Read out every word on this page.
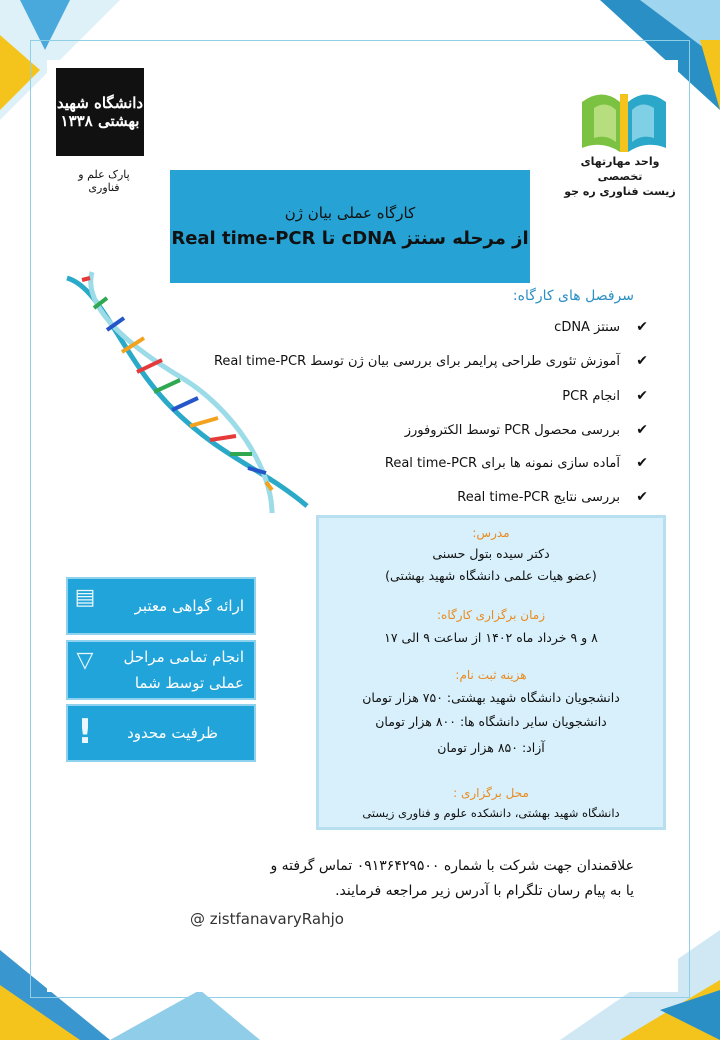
دانشگاه شهید بهشتی ۱۳۳۸
پارک علم و فناوری
واحد مهارتهای تخصصی
زیست فناوری ره جو
کارگاه عملی بیان ژن
از مرحله سنتز cDNA تا Real time-PCR
سرفصل های کارگاه:
✔
سنتز cDNA
✔
آموزش تئوری طراحی پرایمر برای بررسی بیان ژن توسط Real time-PCR
✔
انجام PCR
✔
بررسی محصول PCR توسط الکتروفورز
✔
آماده سازی نمونه ها برای Real time-PCR
✔
بررسی نتایج Real time-PCR
مدرس:
دکتر سیده بتول حسنی
(عضو هیات علمی دانشگاه شهید بهشتی)
زمان برگزاری کارگاه:
۸ و ۹ خرداد ماه ۱۴۰۲ از ساعت ۹ الی ۱۷
هزینه ثبت نام:
دانشجویان دانشگاه شهید بهشتی: ۷۵۰ هزار تومان
دانشجویان سایر دانشگاه ها: ۸۰۰ هزار تومان
آزاد: ۸۵۰ هزار تومان
محل برگزاری :
دانشگاه شهید بهشتی، دانشکده علوم و فناوری زیستی
▤	ارائه گواهی معتبر
▽ انجام تمامی مراحل
عملی توسط شما
! ظرفیت محدود
علاقمندان جهت شرکت با شماره ۰۹۱۳۶۴۲۹۵۰۰ تماس گرفته و
یا به پیام رسان تلگرام با آدرس زیر مراجعه فرمایند.
@ zistfanavaryRahjo
